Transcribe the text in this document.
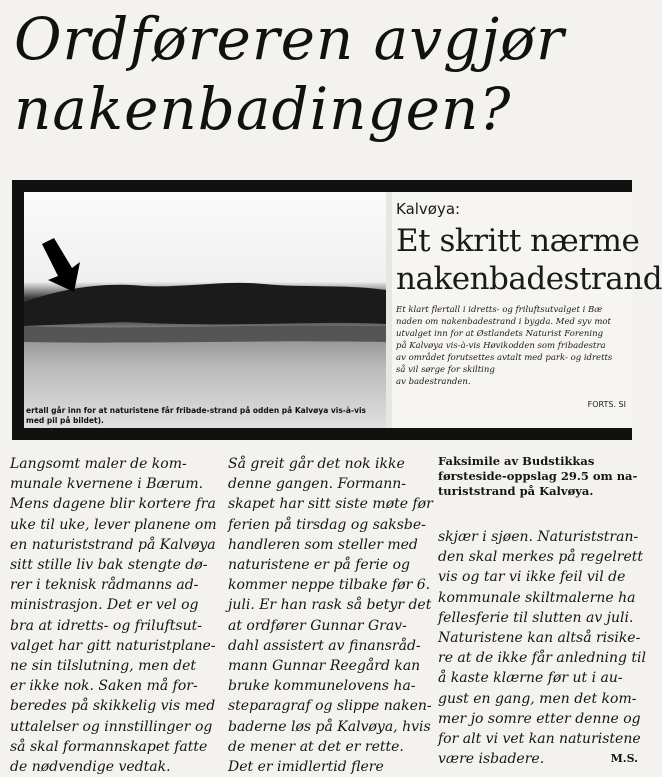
Ordføreren avgjør
nakenbadingen?
ertall går inn for at naturistene får fribade-strand på odden på Kalvøya vis-à-vis
med pil på bildet).
Kalvøya:
Et skritt nærme
nakenbadestrand
Et klart flertall i idretts- og friluftsutvalget i Bæ
naden om nakenbadestrand i bygda. Med syv mot
utvalget inn for at Østlandets Naturist Forening
på Kalvøya vis-à-vis Høvikodden som fribadestra
av området forutsettes avtalt med park- og idretts
så vil sørge for skilting
av badestranden.
FORTS. SI
Langsomt maler de kom-
munale kvernene i Bærum.
Mens dagene blir kortere fra
uke til uke, lever planene om
en naturiststrand på Kalvøya
sitt stille liv bak stengte dø-
rer i teknisk rådmanns ad-
ministrasjon. Det er vel og
bra at idretts- og friluftsut-
valget har gitt naturistplane-
ne sin tilslutning, men det
er ikke nok. Saken må for-
beredes på skikkelig vis med
uttalelser og innstillinger og
så skal formannskapet fatte
de nødvendige vedtak.
Så greit går det nok ikke
denne gangen. Formann-
skapet har sitt siste møte før
ferien på tirsdag og saksbe-
handleren som steller med
naturistene er på ferie og
kommer neppe tilbake før 6.
juli. Er han rask så betyr det
at ordfører Gunnar Grav-
dahl assistert av finansråd-
mann Gunnar Reegård kan
bruke kommunelovens ha-
steparagraf og slippe naken-
baderne løs på Kalvøya, hvis
de mener at det er rette.
Det er imidlertid flere
Faksimile av Budstikkas
førsteside-oppslag 29.5 om na-
turiststrand på Kalvøya.
skjær i sjøen. Naturiststran-
den skal merkes på regelrett
vis og tar vi ikke feil vil de
kommunale skiltmalerne ha
fellesferie til slutten av juli.
Naturistene kan altså risike-
re at de ikke får anledning til
å kaste klærne før ut i au-
gust en gang, men det kom-
mer jo somre etter denne og
for alt vi vet kan naturistene
være isbadere.	M.S.
